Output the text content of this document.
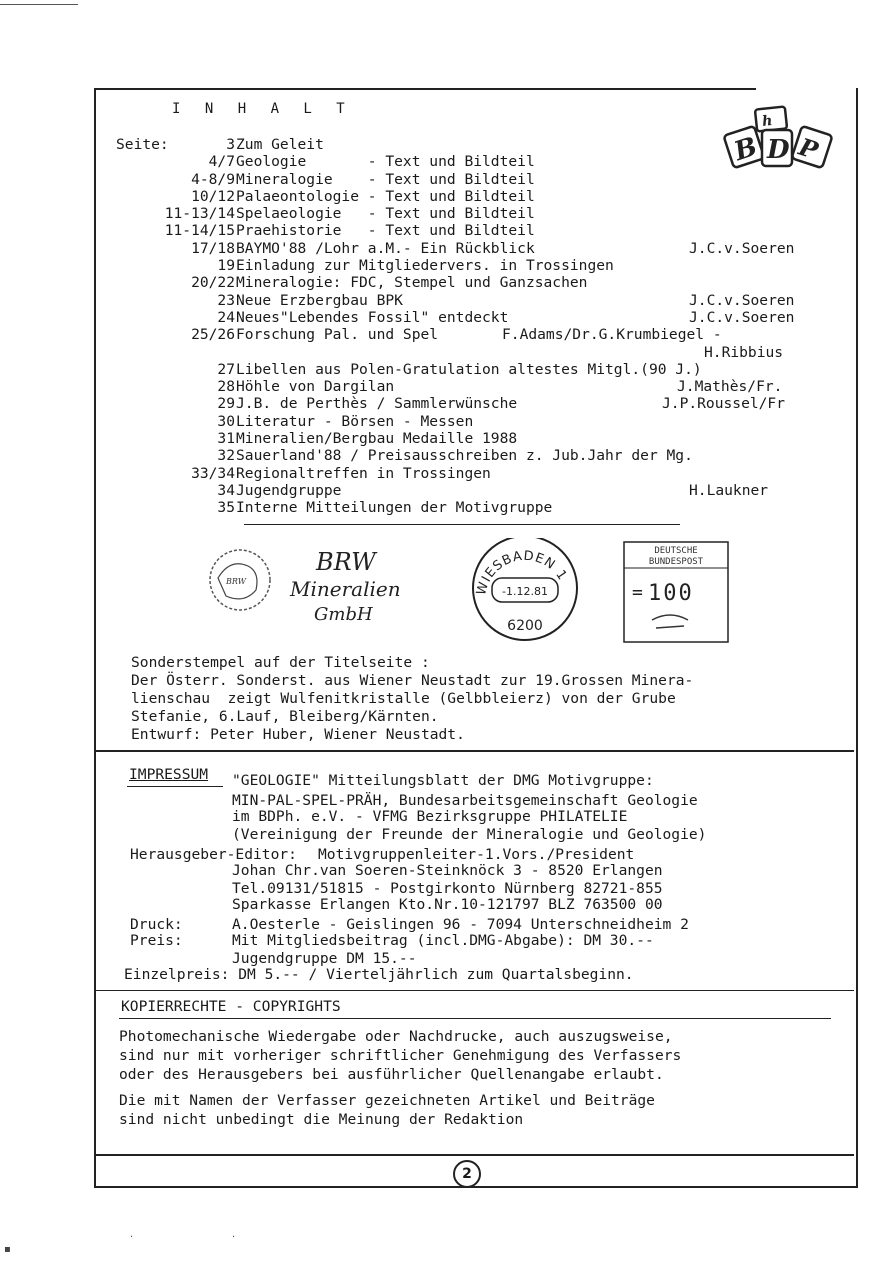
I N H A L T
B D P
h
Seite:	3 Zum Geleit
4/7 Geologie       - Text und Bildteil
4-8/9 Mineralogie    - Text und Bildteil
10/12 Palaeontologie - Text und Bildteil
11-13/14 Spelaeologie   - Text und Bildteil
11-14/15 Praehistorie   - Text und Bildteil
17/18 BAYMO'88 /Lohr a.M.- Ein Rückblick	J.C.v.Soeren
19 Einladung zur Mitgliedervers. in Trossingen
20/22 Mineralogie: FDC, Stempel und Ganzsachen
23 Neue Erzbergbau BPK	J.C.v.Soeren
24 Neues"Lebendes Fossil" entdeckt	J.C.v.Soeren
25/26 Forschung Pal. und Spel	F.Adams/Dr.G.Krumbiegel -
H.Ribbius
27 Libellen aus Polen-Gratulation altestes Mitgl.(90 J.)
28 Höhle von Dargilan	J.Mathès/Fr.
29 J.B. de Perthès / Sammlerwünsche	J.P.Roussel/Fr
30 Literatur - Börsen - Messen
31 Mineralien/Bergbau Medaille 1988
32 Sauerland'88 / Preisausschreiben z. Jub.Jahr der Mg.
33/34 Regionaltreffen in Trossingen
34 Jugendgruppe	H.Laukner
35 Interne Mitteilungen der Motivgruppe
BRW
BRW
Mineralien
GmbH
WIESBADEN 1
-1.12.81
6200
DEUTSCHE
BUNDESPOST
= 100
Sonderstempel auf der Titelseite :
Der Österr. Sonderst. aus Wiener Neustadt zur 19.Grossen Minera-
lienschau  zeigt Wulfenitkristalle (Gelbbleierz) von der Grube
Stefanie, 6.Lauf, Bleiberg/Kärnten.
Entwurf: Peter Huber, Wiener Neustadt.
IMPRESSUM "GEOLOGIE" Mitteilungsblatt der DMG Motivgruppe:
MIN-PAL-SPEL-PRÄH, Bundesarbeitsgemeinschaft Geologie
im BDPh. e.V. - VFMG Bezirksgruppe PHILATELIE
(Vereinigung der Freunde der Mineralogie und Geologie)
Herausgeber-Editor: Motivgruppenleiter-1.Vors./President
Johan Chr.van Soeren-Steinknöck 3 - 8520 Erlangen
Tel.09131/51815 - Postgirkonto Nürnberg 82721-855
Sparkasse Erlangen Kto.Nr.10-121797 BLZ 763500 00
Druck:	A.Oesterle - Geislingen 96 - 7094 Unterschneidheim 2
Preis:	Mit Mitgliedsbeitrag (incl.DMG-Abgabe): DM 30.--
Jugendgruppe DM 15.--
Einzelpreis: DM 5.-- / Vierteljährlich zum Quartalsbeginn.
KOPIERRECHTE - COPYRIGHTS
Photomechanische Wiedergabe oder Nachdrucke, auch auszugsweise,
sind nur mit vorheriger schriftlicher Genehmigung des Verfassers
oder des Herausgebers bei ausführlicher Quellenangabe erlaubt.
Die mit Namen der Verfasser gezeichneten Artikel und Beiträge
sind nicht unbedingt die Meinung der Redaktion
2
▪
·	·
